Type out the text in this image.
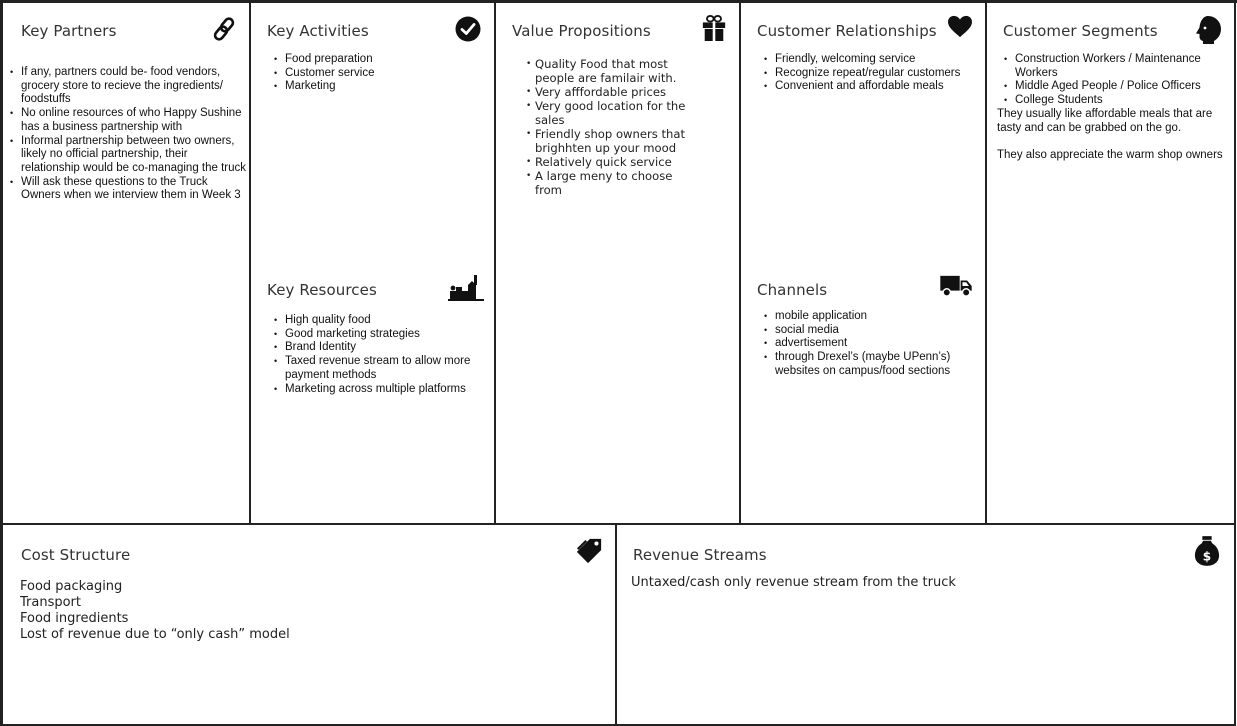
Key Partners
• If any, partners could be- food vendors, grocery store to recieve the ingredients/ foodstuffs
• No online resources of who Happy Sushine has a business partnership with
• Informal partnership between two owners, likely no official partnership, their relationship would be co-managing the truck
• Will ask these questions to the Truck Owners when we interview them in Week 3
Key Activities
• Food preparation
• Customer service
• Marketing
Key Resources
• High quality food
• Good marketing strategies
• Brand Identity
• Taxed revenue stream to allow more payment methods
• Marketing across multiple platforms
Value Propositions
• Quality Food that most people are familair with.
• Very afffordable prices
• Very good location for the sales
• Friendly shop owners that brighhten up your mood
• Relatively quick service
• A large meny to choose from
Customer Relationships
• Friendly, welcoming service
• Recognize repeat/regular customers
• Convenient and affordable meals
Channels
• mobile application
• social media
• advertisement
• through Drexel’s (maybe UPenn’s) websites on campus/food sections
Customer Segments
• Construction Workers / Maintenance Workers
• Middle Aged People / Police Officers
• College Students
They usually like affordable meals that are tasty and can be grabbed on the go.
They also appreciate the warm shop owners
Cost Structure
Food packaging
Transport
Food ingredients
Lost of revenue due to “only cash” model
Revenue Streams	$
Untaxed/cash only revenue stream from the truck
